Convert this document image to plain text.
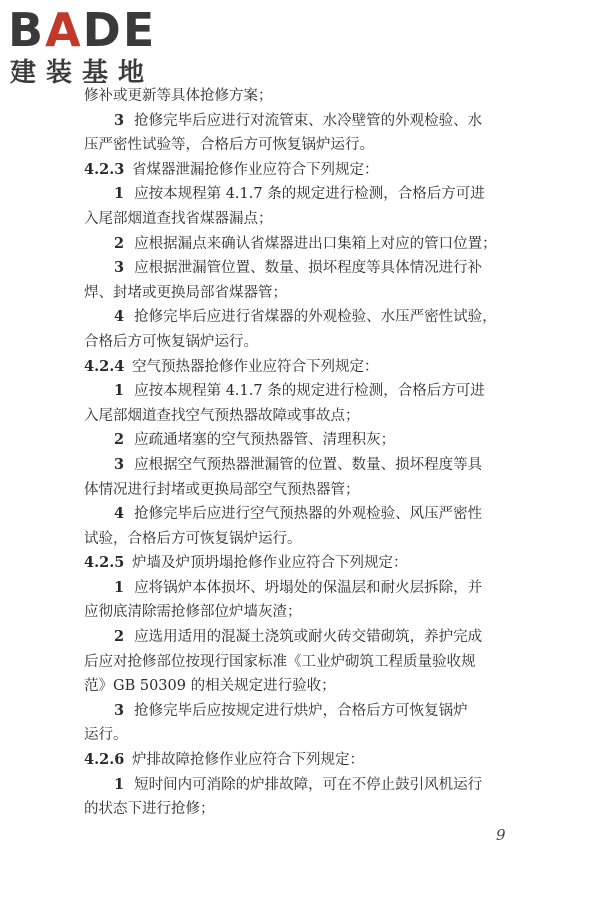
BADE
建装基地
修补或更新等具体抢修方案；
3 抢修完毕后应进行对流管束、水冷壁管的外观检验、水
压严密性试验等，合格后方可恢复锅炉运行。
4.2.3 省煤器泄漏抢修作业应符合下列规定：
1 应按本规程第 4.1.7 条的规定进行检测，合格后方可进
入尾部烟道查找省煤器漏点；
2 应根据漏点来确认省煤器进出口集箱上对应的管口位置；
3 应根据泄漏管位置、数量、损坏程度等具体情况进行补
焊、封堵或更换局部省煤器管；
4 抢修完毕后应进行省煤器的外观检验、水压严密性试验，
合格后方可恢复锅炉运行。
4.2.4 空气预热器抢修作业应符合下列规定：
1 应按本规程第 4.1.7 条的规定进行检测，合格后方可进
入尾部烟道查找空气预热器故障或事故点；
2 应疏通堵塞的空气预热器管、清理积灰；
3 应根据空气预热器泄漏管的位置、数量、损坏程度等具
体情况进行封堵或更换局部空气预热器管；
4 抢修完毕后应进行空气预热器的外观检验、风压严密性
试验，合格后方可恢复锅炉运行。
4.2.5 炉墙及炉顶坍塌抢修作业应符合下列规定：
1 应将锅炉本体损坏、坍塌处的保温层和耐火层拆除，并
应彻底清除需抢修部位炉墙灰渣；
2 应选用适用的混凝土浇筑或耐火砖交错砌筑，养护完成
后应对抢修部位按现行国家标准《工业炉砌筑工程质量验收规
范》GB 50309 的相关规定进行验收；
3 抢修完毕后应按规定进行烘炉，合格后方可恢复锅炉
运行。
4.2.6 炉排故障抢修作业应符合下列规定：
1 短时间内可消除的炉排故障，可在不停止鼓引风机运行
的状态下进行抢修；
9
